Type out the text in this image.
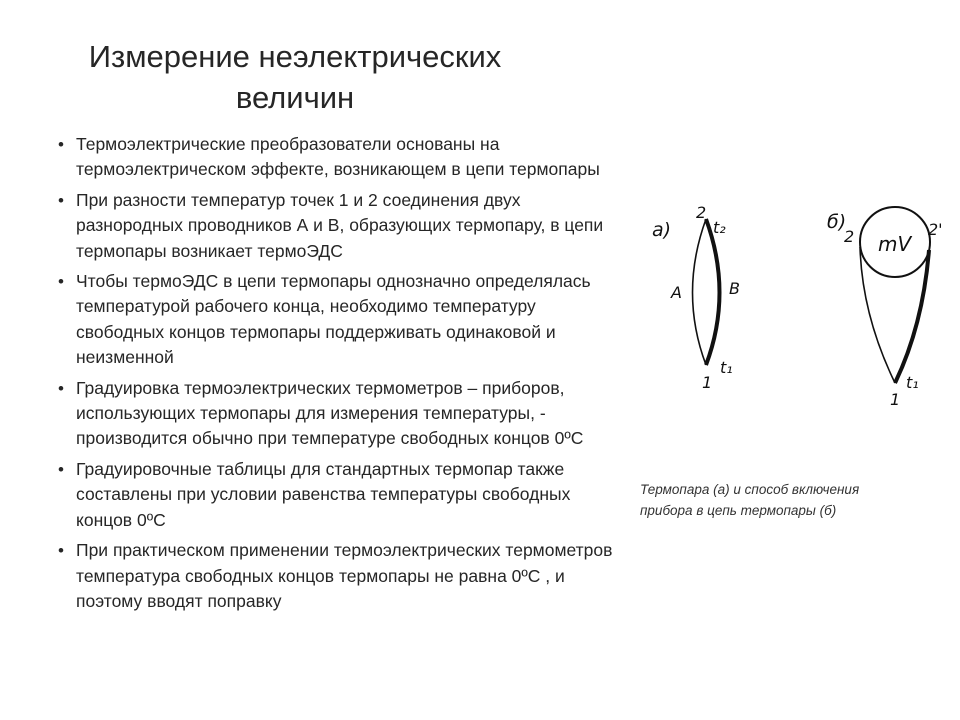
Измерение неэлектрических
величин
• Термоэлектрические преобразователи основаны на термоэлектрическом эффекте, возникающем в цепи термопары
• При разности температур точек 1 и 2 соединения двух разнородных проводников А и В, образующих термопару, в цепи термопары возникает термоЭДС
• Чтобы термоЭДС в цепи термопары однозначно определялась температурой рабочего конца, необходимо температуру свободных концов термопары поддерживать одинаковой и неизменной
• Градуировка термоэлектрических термометров – приборов, использующих термопары для измерения температуры, - производится обычно при температуре свободных концов 0ºС
• Градуировочные таблицы для стандартных термопар также составлены при условии равенства температуры свободных концов 0ºС
• При практическом применении термоэлектрических термометров температура свободных концов термопары не равна 0ºС , и поэтому вводят поправку
а)
2
t₂
A	B
t₁
1
б)
2 mV
2'
t₁
1

Термопара (а) и способ включения
прибора в цепь термопары (б)
